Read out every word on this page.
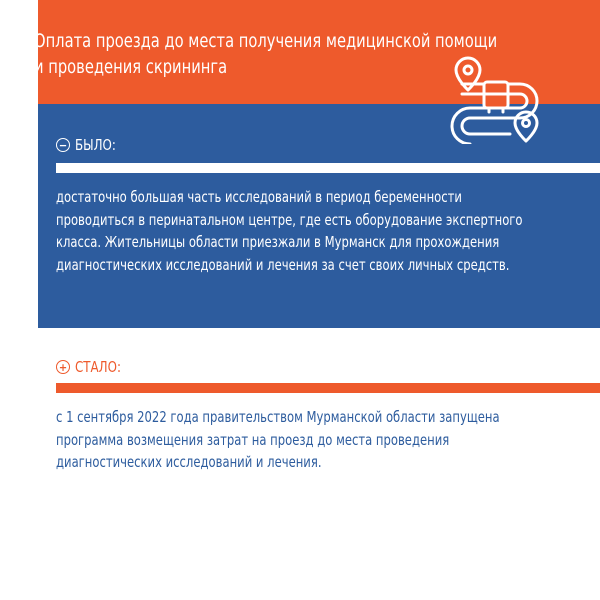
Оплата проезда до места получения медицинской помощи
и проведения скрининга
− БЫЛО:
достаточно большая часть исследований в период беременности
проводиться в перинатальном центре, где есть оборудование экспертного
класса. Жительницы области приезжали в Мурманск для прохождения
диагностических исследований и лечения за счет своих личных средств.
+ СТАЛО:
с 1 сентября 2022 года правительством Мурманской области запущена
программа возмещения затрат на проезд до места проведения
диагностических исследований и лечения.
